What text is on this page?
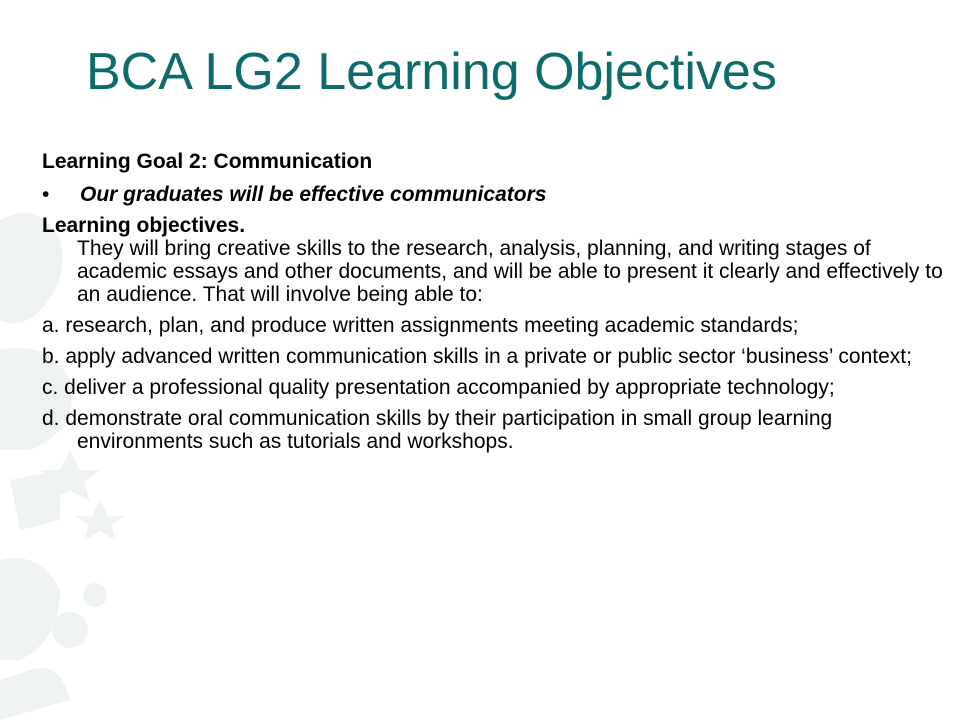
BCA LG2 Learning Objectives

Learning Goal 2: Communication

• Our graduates will be effective communicators

Learning objectives.

They will bring creative skills to the research, analysis, planning, and writing stages of academic essays and other documents, and will be able to present it clearly and effectively to an audience. That will involve being able to:

a. research, plan, and produce written assignments meeting academic standards;

b. apply advanced written communication skills in a private or public sector ‘business’ context;

c. deliver a professional quality presentation accompanied by appropriate technology;

d. demonstrate oral communication skills by their participation in small group learning environments such as tutorials and workshops.
